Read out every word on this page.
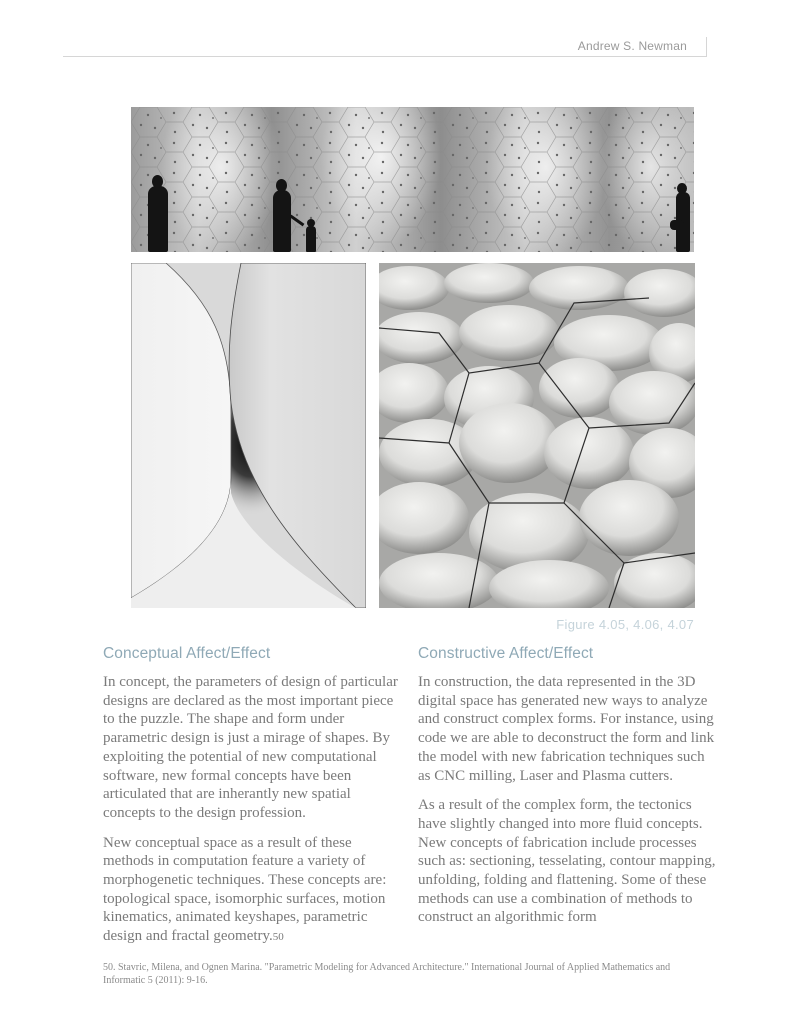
Andrew S. Newman
Figure 4.05, 4.06, 4.07
Conceptual Affect/Effect

In concept, the parameters of design of particular designs are declared as the most important piece to the puzzle. The shape and form under parametric design is just a mirage of shapes. By exploiting the potential of new computational software, new formal concepts have been articulated that are inherantly new spatial concepts to the design profession.

New conceptual space as a result of these methods in computation feature a variety of morphogenetic techniques. These concepts are: topological space, isomorphic surfaces, motion kinematics, animated keyshapes, parametric design and fractal geometry.50

Constructive Affect/Effect

In construction, the data represented in the 3D digital space has generated new ways to analyze and construct complex forms. For instance, using code we are able to deconstruct the form and link the model with new fabrication techniques such as CNC milling, Laser and Plasma cutters.

As a result of the complex form, the tectonics have slightly changed into more fluid concepts. New concepts of fabrication include processes such as: sectioning, tesselating, contour mapping, unfolding, folding and flattening. Some of these methods can use a combination of methods to construct an algorithmic form

50. Stavric, Milena, and Ognen Marina. "Parametric Modeling for Advanced Architecture." International Journal of Applied Mathematics and Informatic 5 (2011): 9-16.
